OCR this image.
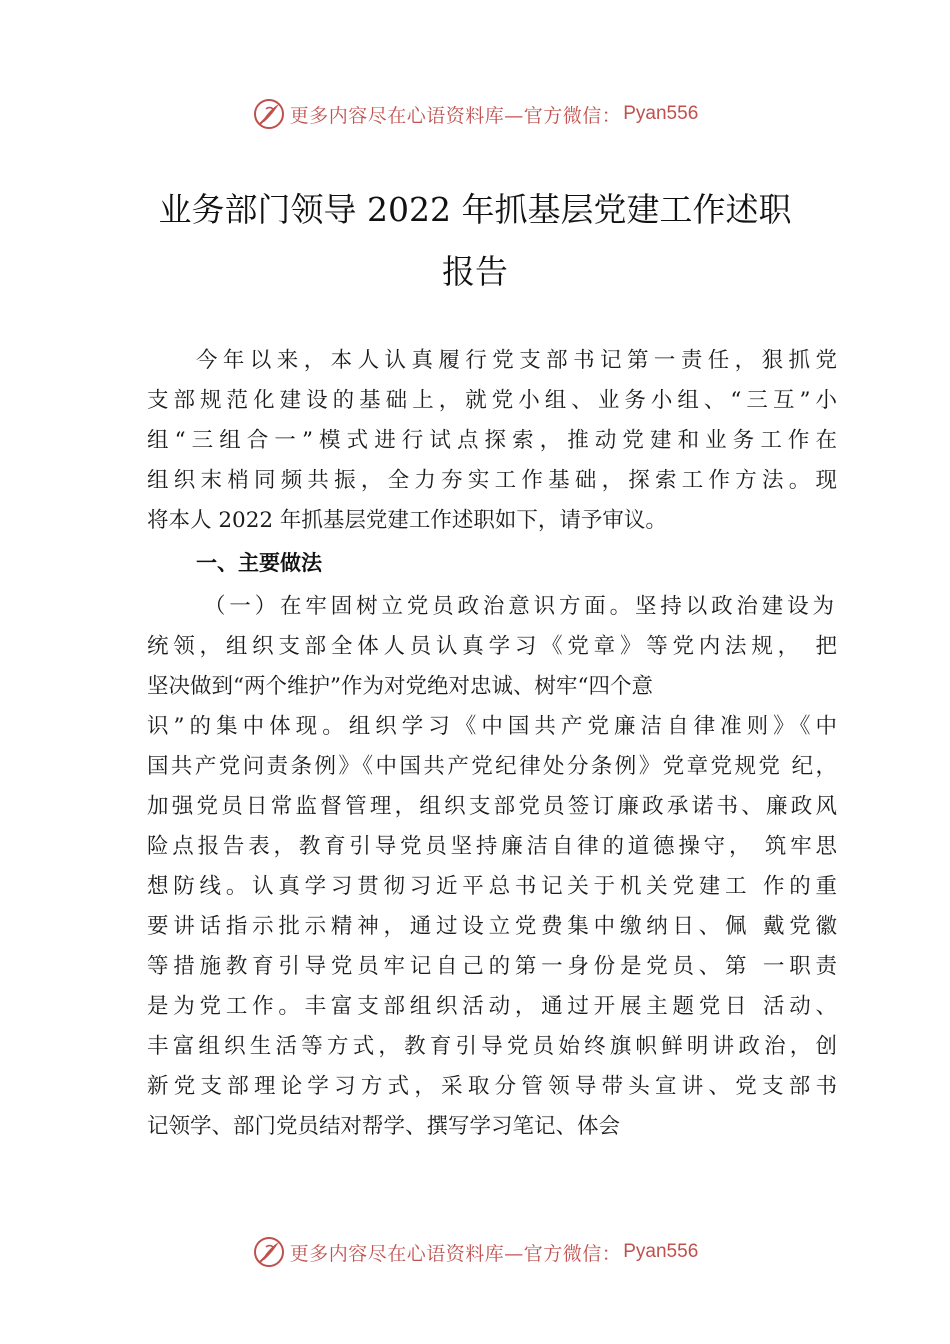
更多内容尽在心语资料库—官方微信： Pyan556
业务部门领导 2022 年抓基层党建工作述职
报告
今年以来，本人认真履行党支部书记第一责任，狠抓党
支部规范化建设的基础上，就党小组、业务小组、“三互”小
组“三组合一”模式进行试点探索，推动党建和业务工作在
组织末梢同频共振，全力夯实工作基础，探索工作方法。现
将本人 2022 年抓基层党建工作述职如下，请予审议。
一、主要做法
（一）在牢固树立党员政治意识方面。坚持以政治建设为
统领，组织支部全体人员认真学习《党章》等党内法规， 把
坚决做到“两个维护”作为对党绝对忠诚、树牢“四个意
识”的集中体现。组织学习《中国共产党廉洁自律准则》《中
国共产党问责条例》《中国共产党纪律处分条例》党章党规党 纪，
加强党员日常监督管理，组织支部党员签订廉政承诺书、廉政风
险点报告表，教育引导党员坚持廉洁自律的道德操守， 筑牢思
想防线。认真学习贯彻习近平总书记关于机关党建工 作的重
要讲话指示批示精神，通过设立党费集中缴纳日、佩 戴党徽
等措施教育引导党员牢记自己的第一身份是党员、第 一职责
是为党工作。丰富支部组织活动，通过开展主题党日 活动、
丰富组织生活等方式，教育引导党员始终旗帜鲜明讲政治，创
新党支部理论学习方式，采取分管领导带头宣讲、党支部书
记领学、部门党员结对帮学、撰写学习笔记、体会
更多内容尽在心语资料库—官方微信： Pyan556
